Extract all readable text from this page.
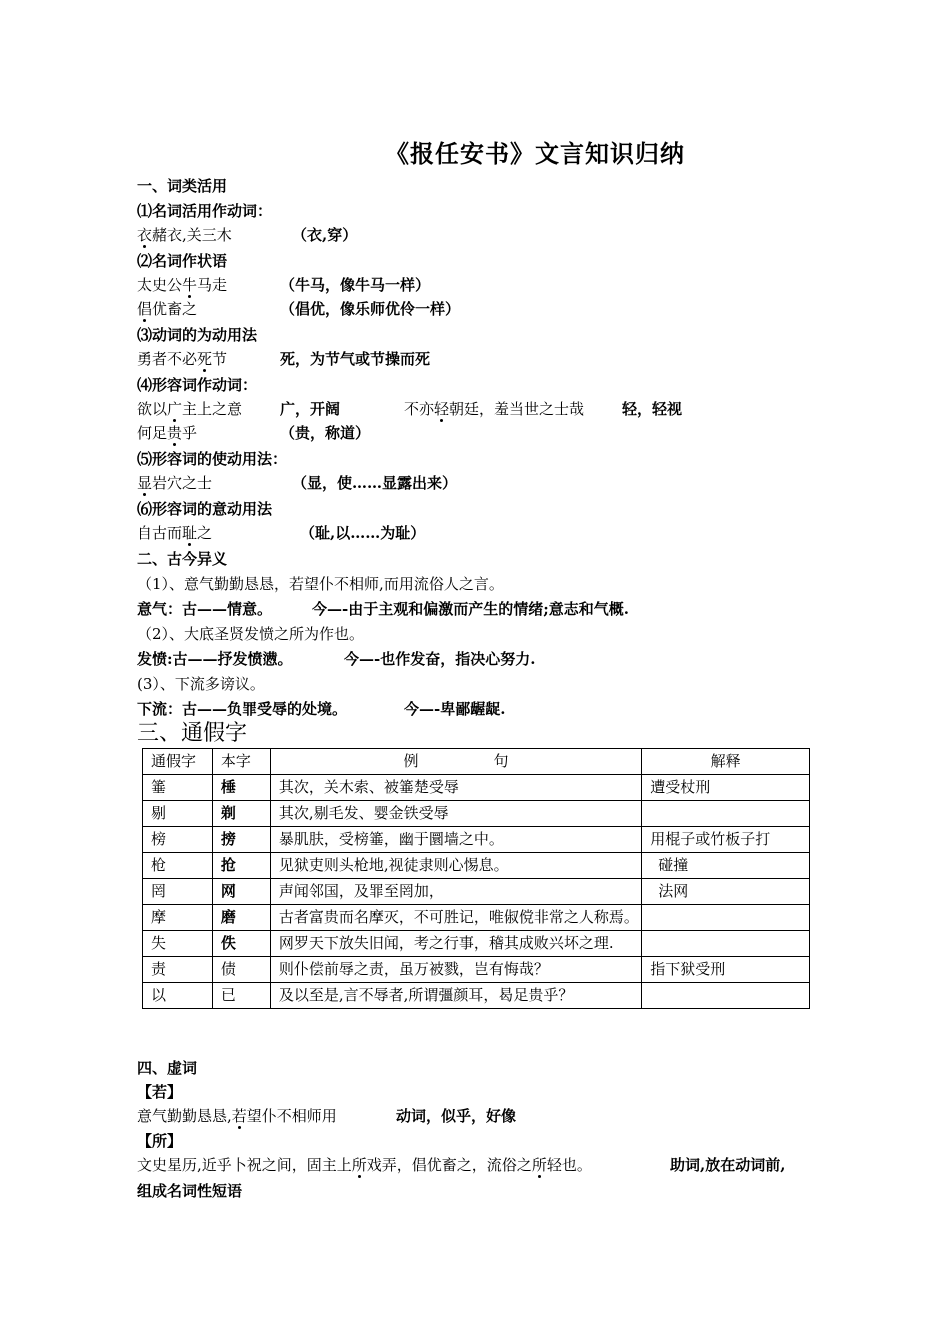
《报任安书》文言知识归纳
一、词类活用
⑴名词活用作动词：
衣赭衣,关三木	（衣,穿）
⑵名词作状语
太史公牛马走	（牛马，像牛马一样）
倡优畜之	（倡优，像乐师优伶一样）
⑶动词的为动用法
勇者不必死节	死，为节气或节操而死
⑷形容词作动词：
欲以广主上之意	广，开阔	不亦轻朝廷，羞当世之士哉	轻，轻视
何足贵乎	（贵，称道）
⑸形容词的使动用法：
显岩穴之士	（显，使……显露出来）
⑹形容词的意动用法
自古而耻之	（耻,以……为耻）
二、古今异义
（1）、意气勤勤恳恳，若望仆不相师,而用流俗人之言。
意气：古——情意。	今—-由于主观和偏激而产生的情绪;意志和气概.
（2）、大底圣贤发愤之所为作也。
发愤:古——抒发愤懑。	今—-也作发奋，指决心努力.
(3）、下流多谤议。
下流：古——负罪受辱的处境。	今—-卑鄙龌龊.
三、通假字
通假字	本字	例　　　　　句	解释
箠	棰	其次，关木索、被箠楚受辱	遭受杖刑
剔	剃	其次,剔毛发、婴金铁受辱	
榜	搒	暴肌肤，受榜箠，幽于圜墙之中。	用棍子或竹板子打
枪	抢	见狱吏则头枪地,视徒隶则心惕息。	碰撞
罔	网	声闻邻国，及罪至罔加，	法网
摩	磨	古者富贵而名摩灭，不可胜记，唯俶傥非常之人称焉。	
失	佚	网罗天下放失旧闻，考之行事，稽其成败兴坏之理.	
责	债	则仆偿前辱之责，虽万被戮，岂有悔哉？	指下狱受刑
以	已	及以至是,言不辱者,所谓彊颜耳，曷足贵乎？	
四、虚词
【若】
意气勤勤恳恳,若望仆不相师用	动词，似乎，好像
【所】
文史星历,近乎卜祝之间，固主上所戏弄，倡优畜之，流俗之所轻也。	助词,放在动词前,
组成名词性短语
